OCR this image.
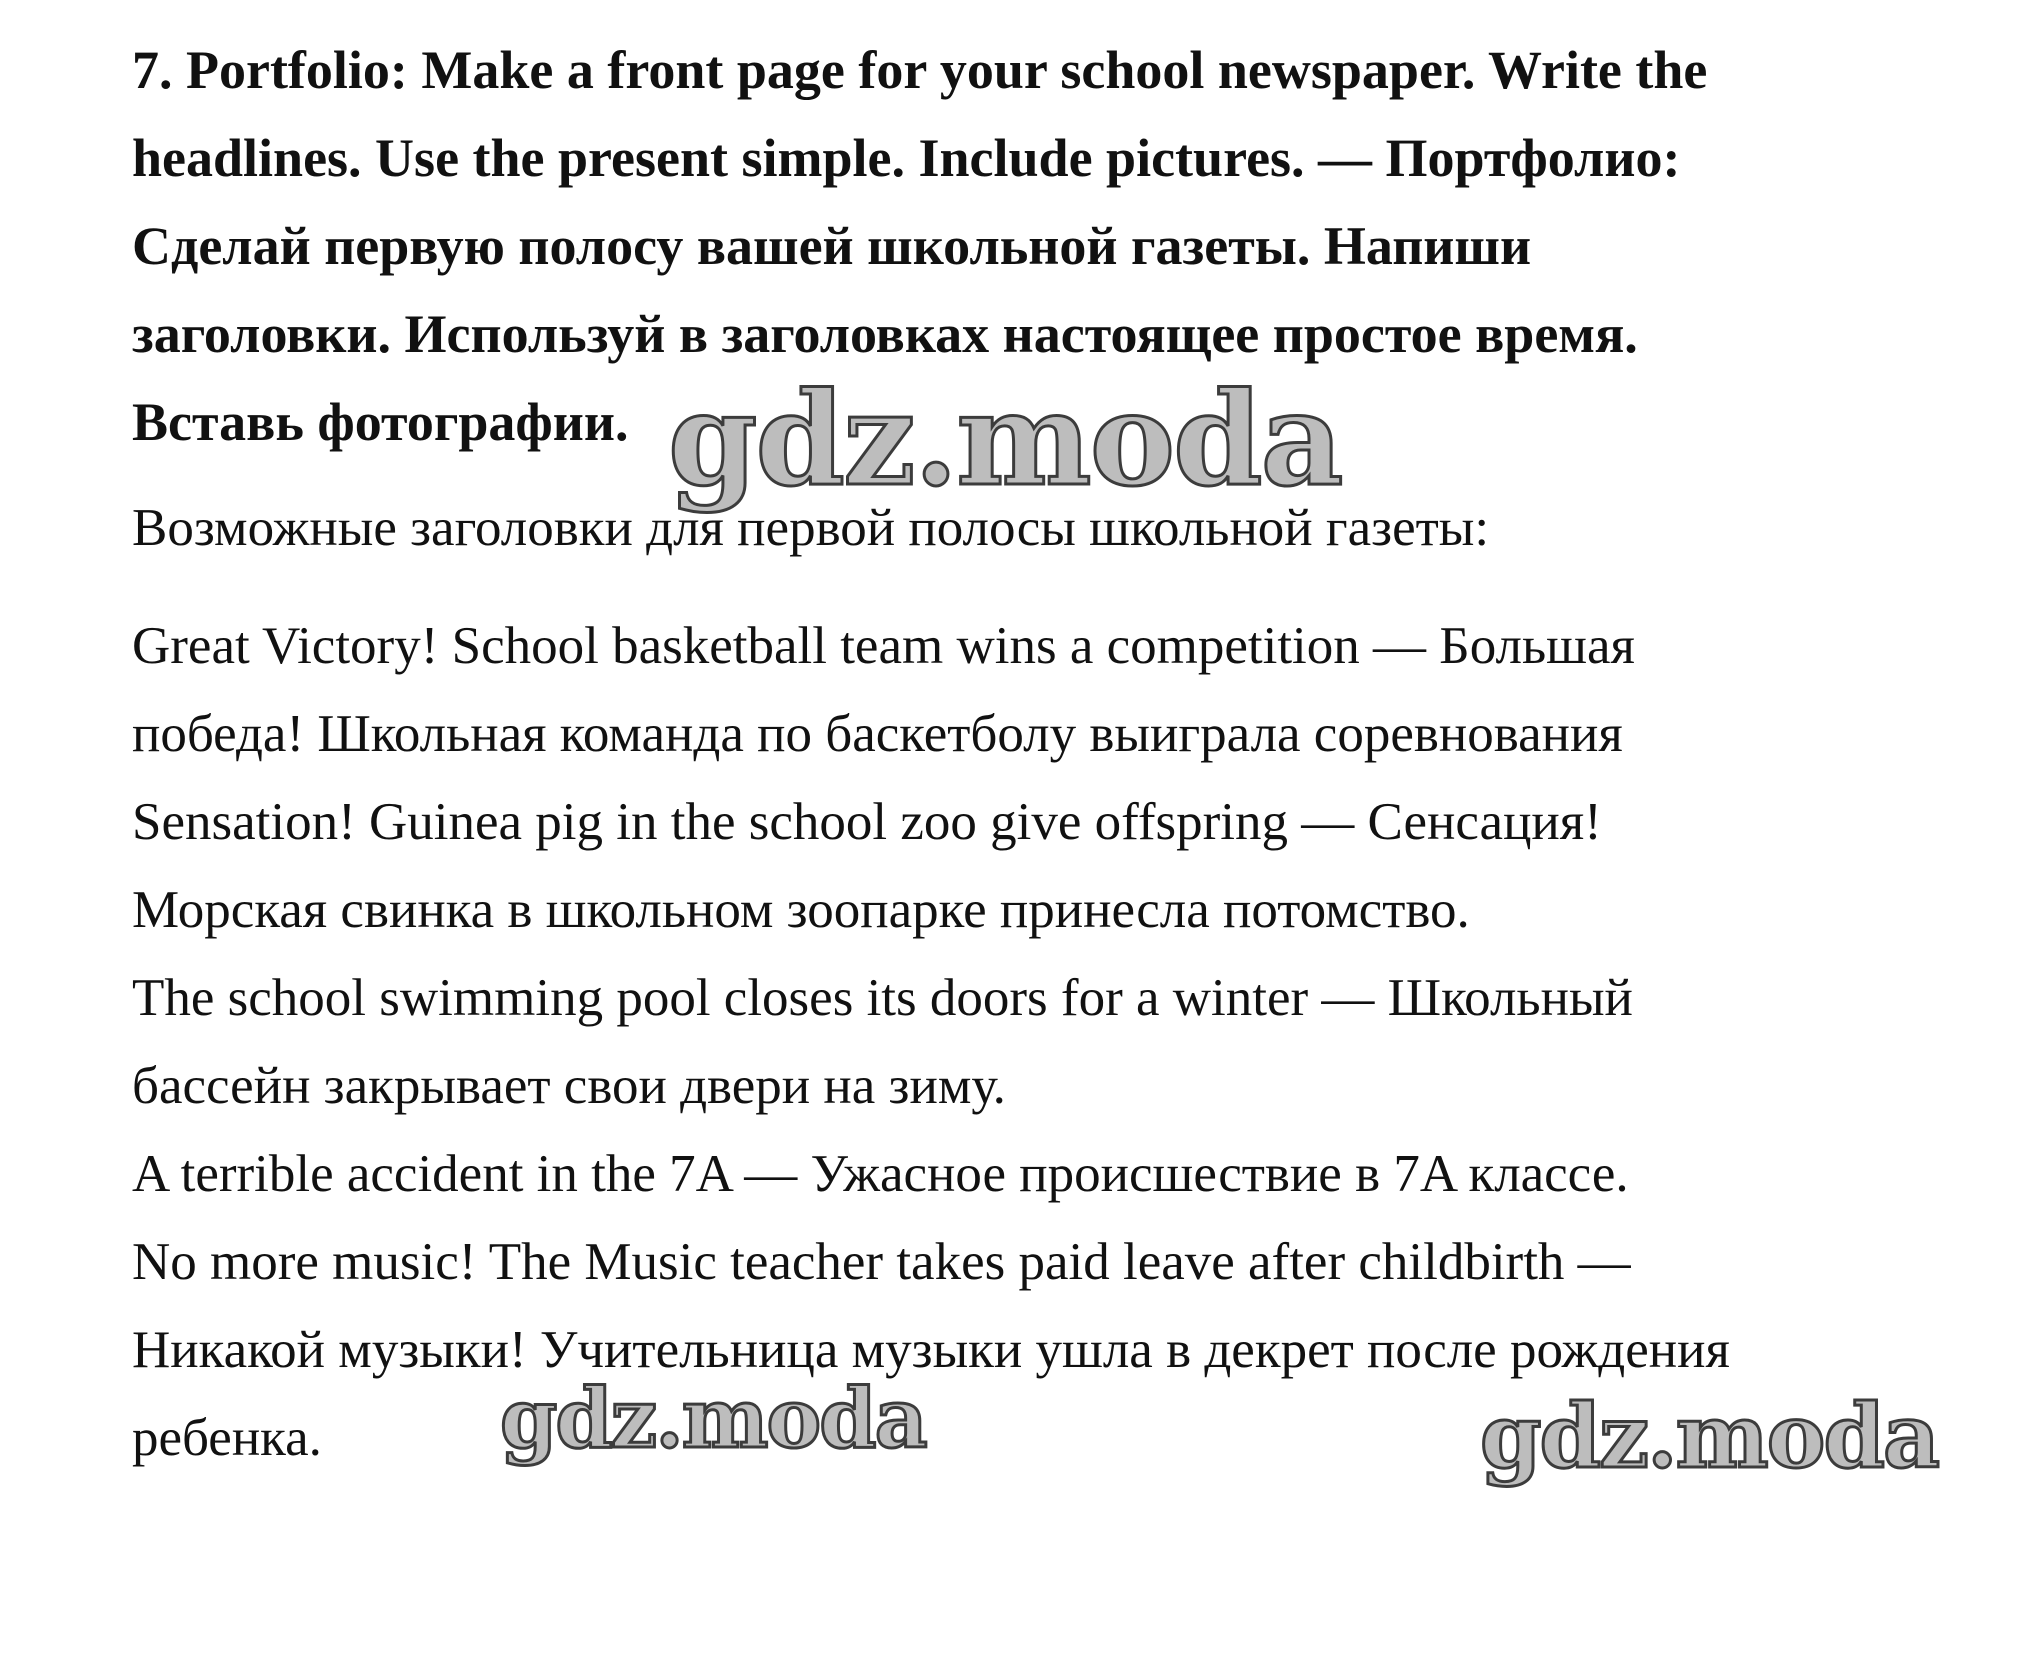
7. Portfolio: Make a front page for your school newspaper. Write the
headlines. Use the present simple. Include pictures. — Портфолио:
Сделай первую полосу вашей школьной газеты. Напиши
заголовки. Используй в заголовках настоящее простое время.
Вставь фотографии.
Возможные заголовки для первой полосы школьной газеты:
Great Victory! School basketball team wins a competition — Большая
победа! Школьная команда по баскетболу выиграла соревнования
Sensation! Guinea pig in the school zoo give offspring — Сенсация!
Морская свинка в школьном зоопарке принесла потомство.
The school swimming pool closes its doors for a winter — Школьный
бассейн закрывает свои двери на зиму.
A terrible accident in the 7A — Ужасное происшествие в 7A классе.
No more music! The Music teacher takes paid leave after childbirth —
Никакой музыки! Учительница музыки ушла в декрет после рождения
ребенка.
gdz.moda
gdz.moda	gdz.moda
